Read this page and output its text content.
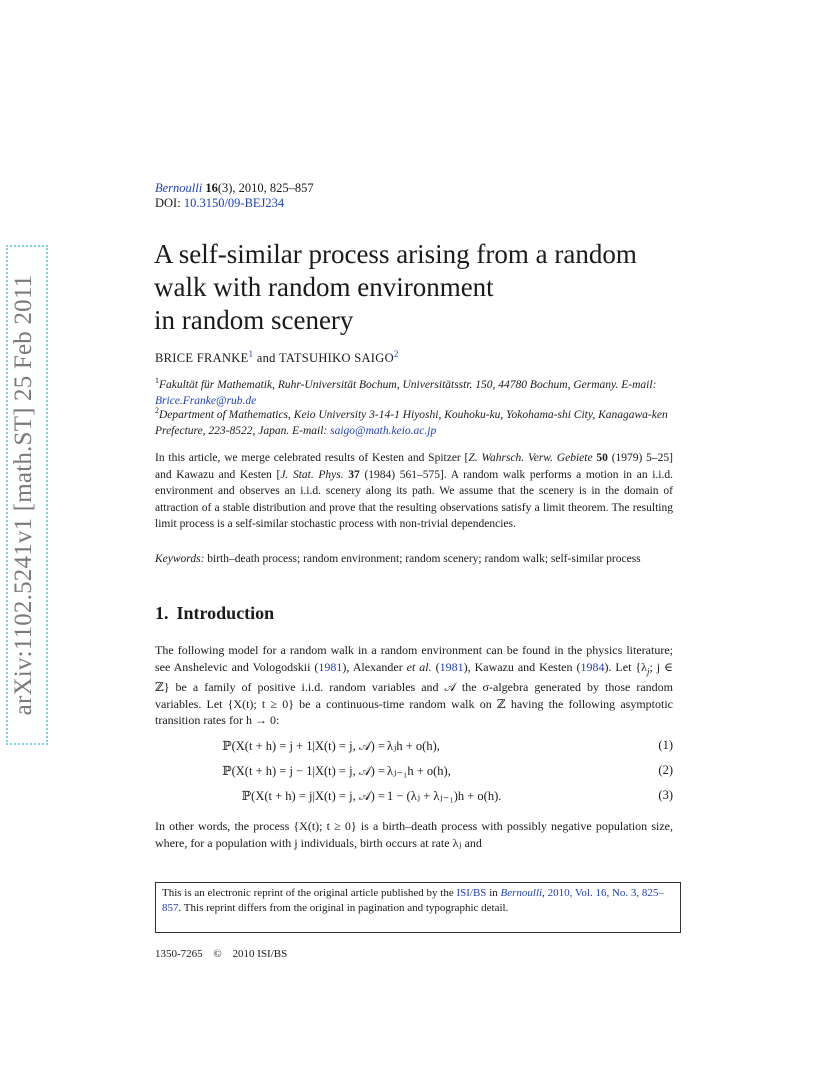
arXiv:1102.5241v1 [math.ST] 25 Feb 2011
Bernoulli 16(3), 2010, 825–857
DOI: 10.3150/09-BEJ234
A self-similar process arising from a random
walk with random environment
in random scenery
BRICE FRANKE$^1$ and TATSUHIKO SAIGO$^2$
$^1$Fakultät für Mathematik, Ruhr-Universität Bochum, Universitätsstr. 150, 44780 Bochum, Germany. E-mail: Brice.Franke@rub.de
$^2$Department of Mathematics, Keio University 3-14-1 Hiyoshi, Kouhoku-ku, Yokohama-shi City, Kanagawa-ken Prefecture, 223-8522, Japan. E-mail: saigo@math.keio.ac.jp
In this article, we merge celebrated results of Kesten and Spitzer [Z. Wahrsch. Verw. Gebiete 50 (1979) 5–25] and Kawazu and Kesten [J. Stat. Phys. 37 (1984) 561–575]. A random walk performs a motion in an i.i.d. environment and observes an i.i.d. scenery along its path. We assume that the scenery is in the domain of attraction of a stable distribution and prove that the resulting observations satisfy a limit theorem. The resulting limit process is a self-similar stochastic process with non-trivial dependencies.
Keywords: birth–death process; random environment; random scenery; random walk; self-similar process
1. Introduction
The following model for a random walk in a random environment can be found in the physics literature; see Anshelevic and Vologodskii (1981), Alexander et al. (1981), Kawazu and Kesten (1984). Let {$\lambda_j$; j ∈ ℤ} be a family of positive i.i.d. random variables and 𝒜 the σ-algebra generated by those random variables. Let {X(t); t ≥ 0} be a continuous-time random walk on ℤ having the following asymptotic transition rates for h → 0:
ℙ(X(t + h) = j + 1|X(t) = j, 𝒜) = λⱼh + o(h),	(1)
ℙ(X(t + h) = j − 1|X(t) = j, 𝒜) = λⱼ₋₁h + o(h),	(2)
ℙ(X(t + h) = j|X(t) = j, 𝒜) = 1 − (λⱼ + λⱼ₋₁)h + o(h).	(3)
In other words, the process {X(t); t ≥ 0} is a birth–death process with possibly negative population size, where, for a population with j individuals, birth occurs at rate λⱼ and
This is an electronic reprint of the original article published by the ISI/BS in Bernoulli, 2010, Vol. 16, No. 3, 825–857. This reprint differs from the original in pagination and typographic detail.
1350-7265 © 2010 ISI/BS
